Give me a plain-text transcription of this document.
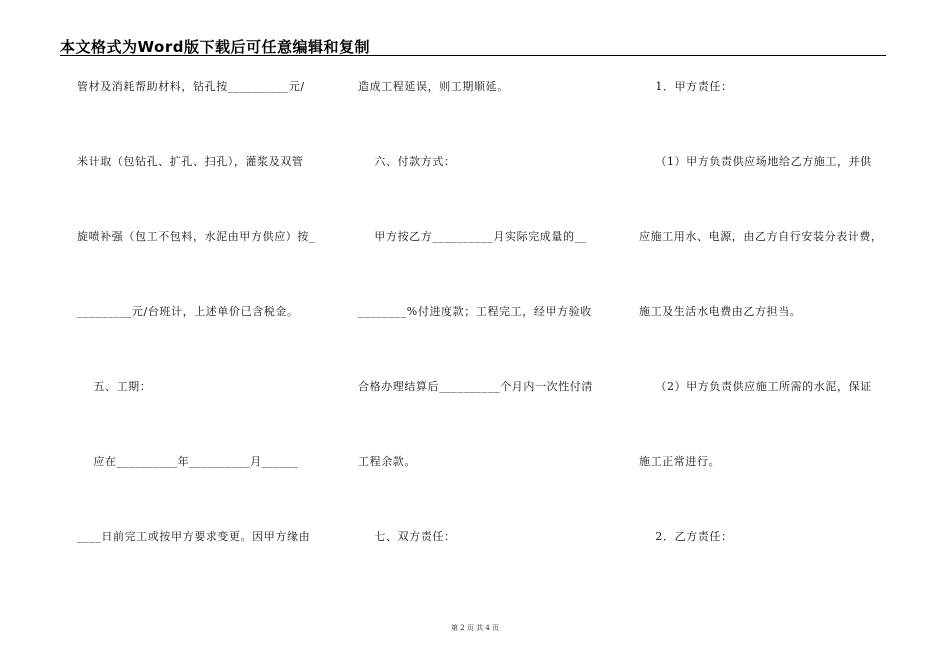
本文格式为Word版下载后可任意编辑和复制
管材及消耗帮助材料，钻孔按__________元/
米计取（包钻孔、扩孔、扫孔），灌浆及双管
旋喷补强（包工不包料，水泥由甲方供应）按_
_________元/台班计，上述单价已含税金。
五、工期：
应在__________年__________月______
____日前完工或按甲方要求变更。因甲方缘由
造成工程延误，则工期顺延。
六、付款方式：
甲方按乙方__________月实际完成量的__
________%付进度款；工程完工，经甲方验收
合格办理结算后__________个月内一次性付清
工程余款。
七、双方责任：
1．甲方责任：
（1）甲方负责供应场地给乙方施工，并供
应施工用水、电源，由乙方自行安装分表计费，
施工及生活水电费由乙方担当。
（2）甲方负责供应施工所需的水泥，保证
施工正常进行。
2．乙方责任：
第 2 页 共 4 页
